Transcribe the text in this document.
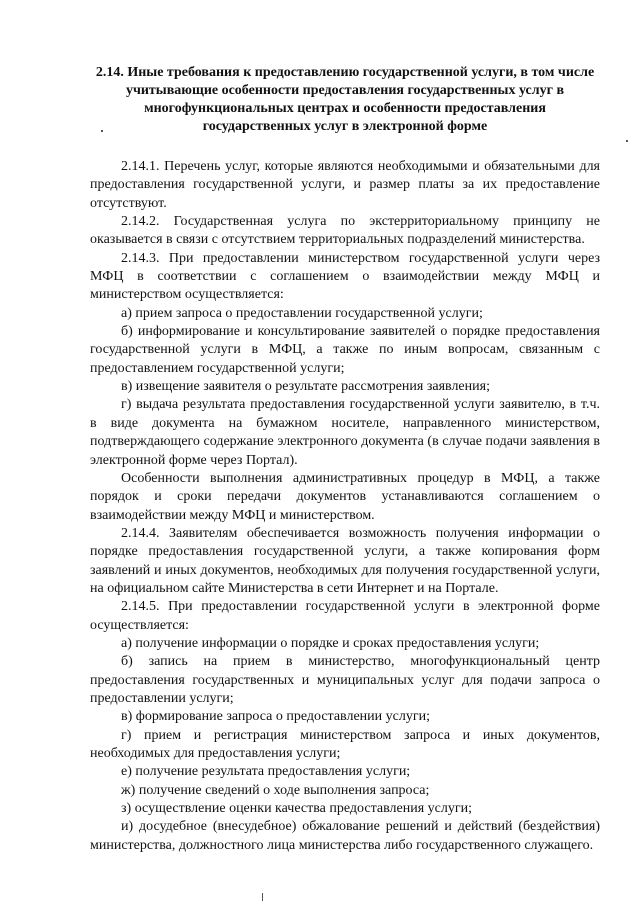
2.14. Иные требования к предоставлению государственной услуги, в том числе учитывающие особенности предоставления государственных услуг в многофункциональных центрах и особенности предоставления государственных услуг в электронной форме

2.14.1. Перечень услуг, которые являются необходимыми и обязательными для предоставления государственной услуги, и размер платы за их предоставление отсутствуют.

2.14.2. Государственная услуга по экстерриториальному принципу не оказывается в связи с отсутствием территориальных подразделений министерства.

2.14.3. При предоставлении министерством государственной услуги через МФЦ в соответствии с соглашением о взаимодействии между МФЦ и министерством осуществляется:

а) прием запроса о предоставлении государственной услуги;

б) информирование и консультирование заявителей о порядке предоставления государственной услуги в МФЦ, а также по иным вопросам, связанным с предоставлением государственной услуги;

в) извещение заявителя о результате рассмотрения заявления;

г) выдача результата предоставления государственной услуги заявителю, в т.ч. в виде документа на бумажном носителе, направленного министерством, подтверждающего содержание электронного документа (в случае подачи заявления в электронной форме через Портал).

Особенности выполнения административных процедур в МФЦ, а также порядок и сроки передачи документов устанавливаются соглашением о взаимодействии между МФЦ и министерством.

2.14.4. Заявителям обеспечивается возможность получения информации о порядке предоставления государственной услуги, а также копирования форм заявлений и иных документов, необходимых для получения государственной услуги, на официальном сайте Министерства в сети Интернет и на Портале.

2.14.5. При предоставлении государственной услуги в электронной форме осуществляется:

а) получение информации о порядке и сроках предоставления услуги;

б) запись на прием в министерство, многофункциональный центр предоставления государственных и муниципальных услуг для подачи запроса о предоставлении услуги;

в) формирование запроса о предоставлении услуги;

г) прием и регистрация министерством запроса и иных документов, необходимых для предоставления услуги;

е) получение результата предоставления услуги;

ж) получение сведений о ходе выполнения запроса;

з) осуществление оценки качества предоставления услуги;

и) досудебное (внесудебное) обжалование решений и действий (бездействия) министерства, должностного лица министерства либо государственного служащего.
